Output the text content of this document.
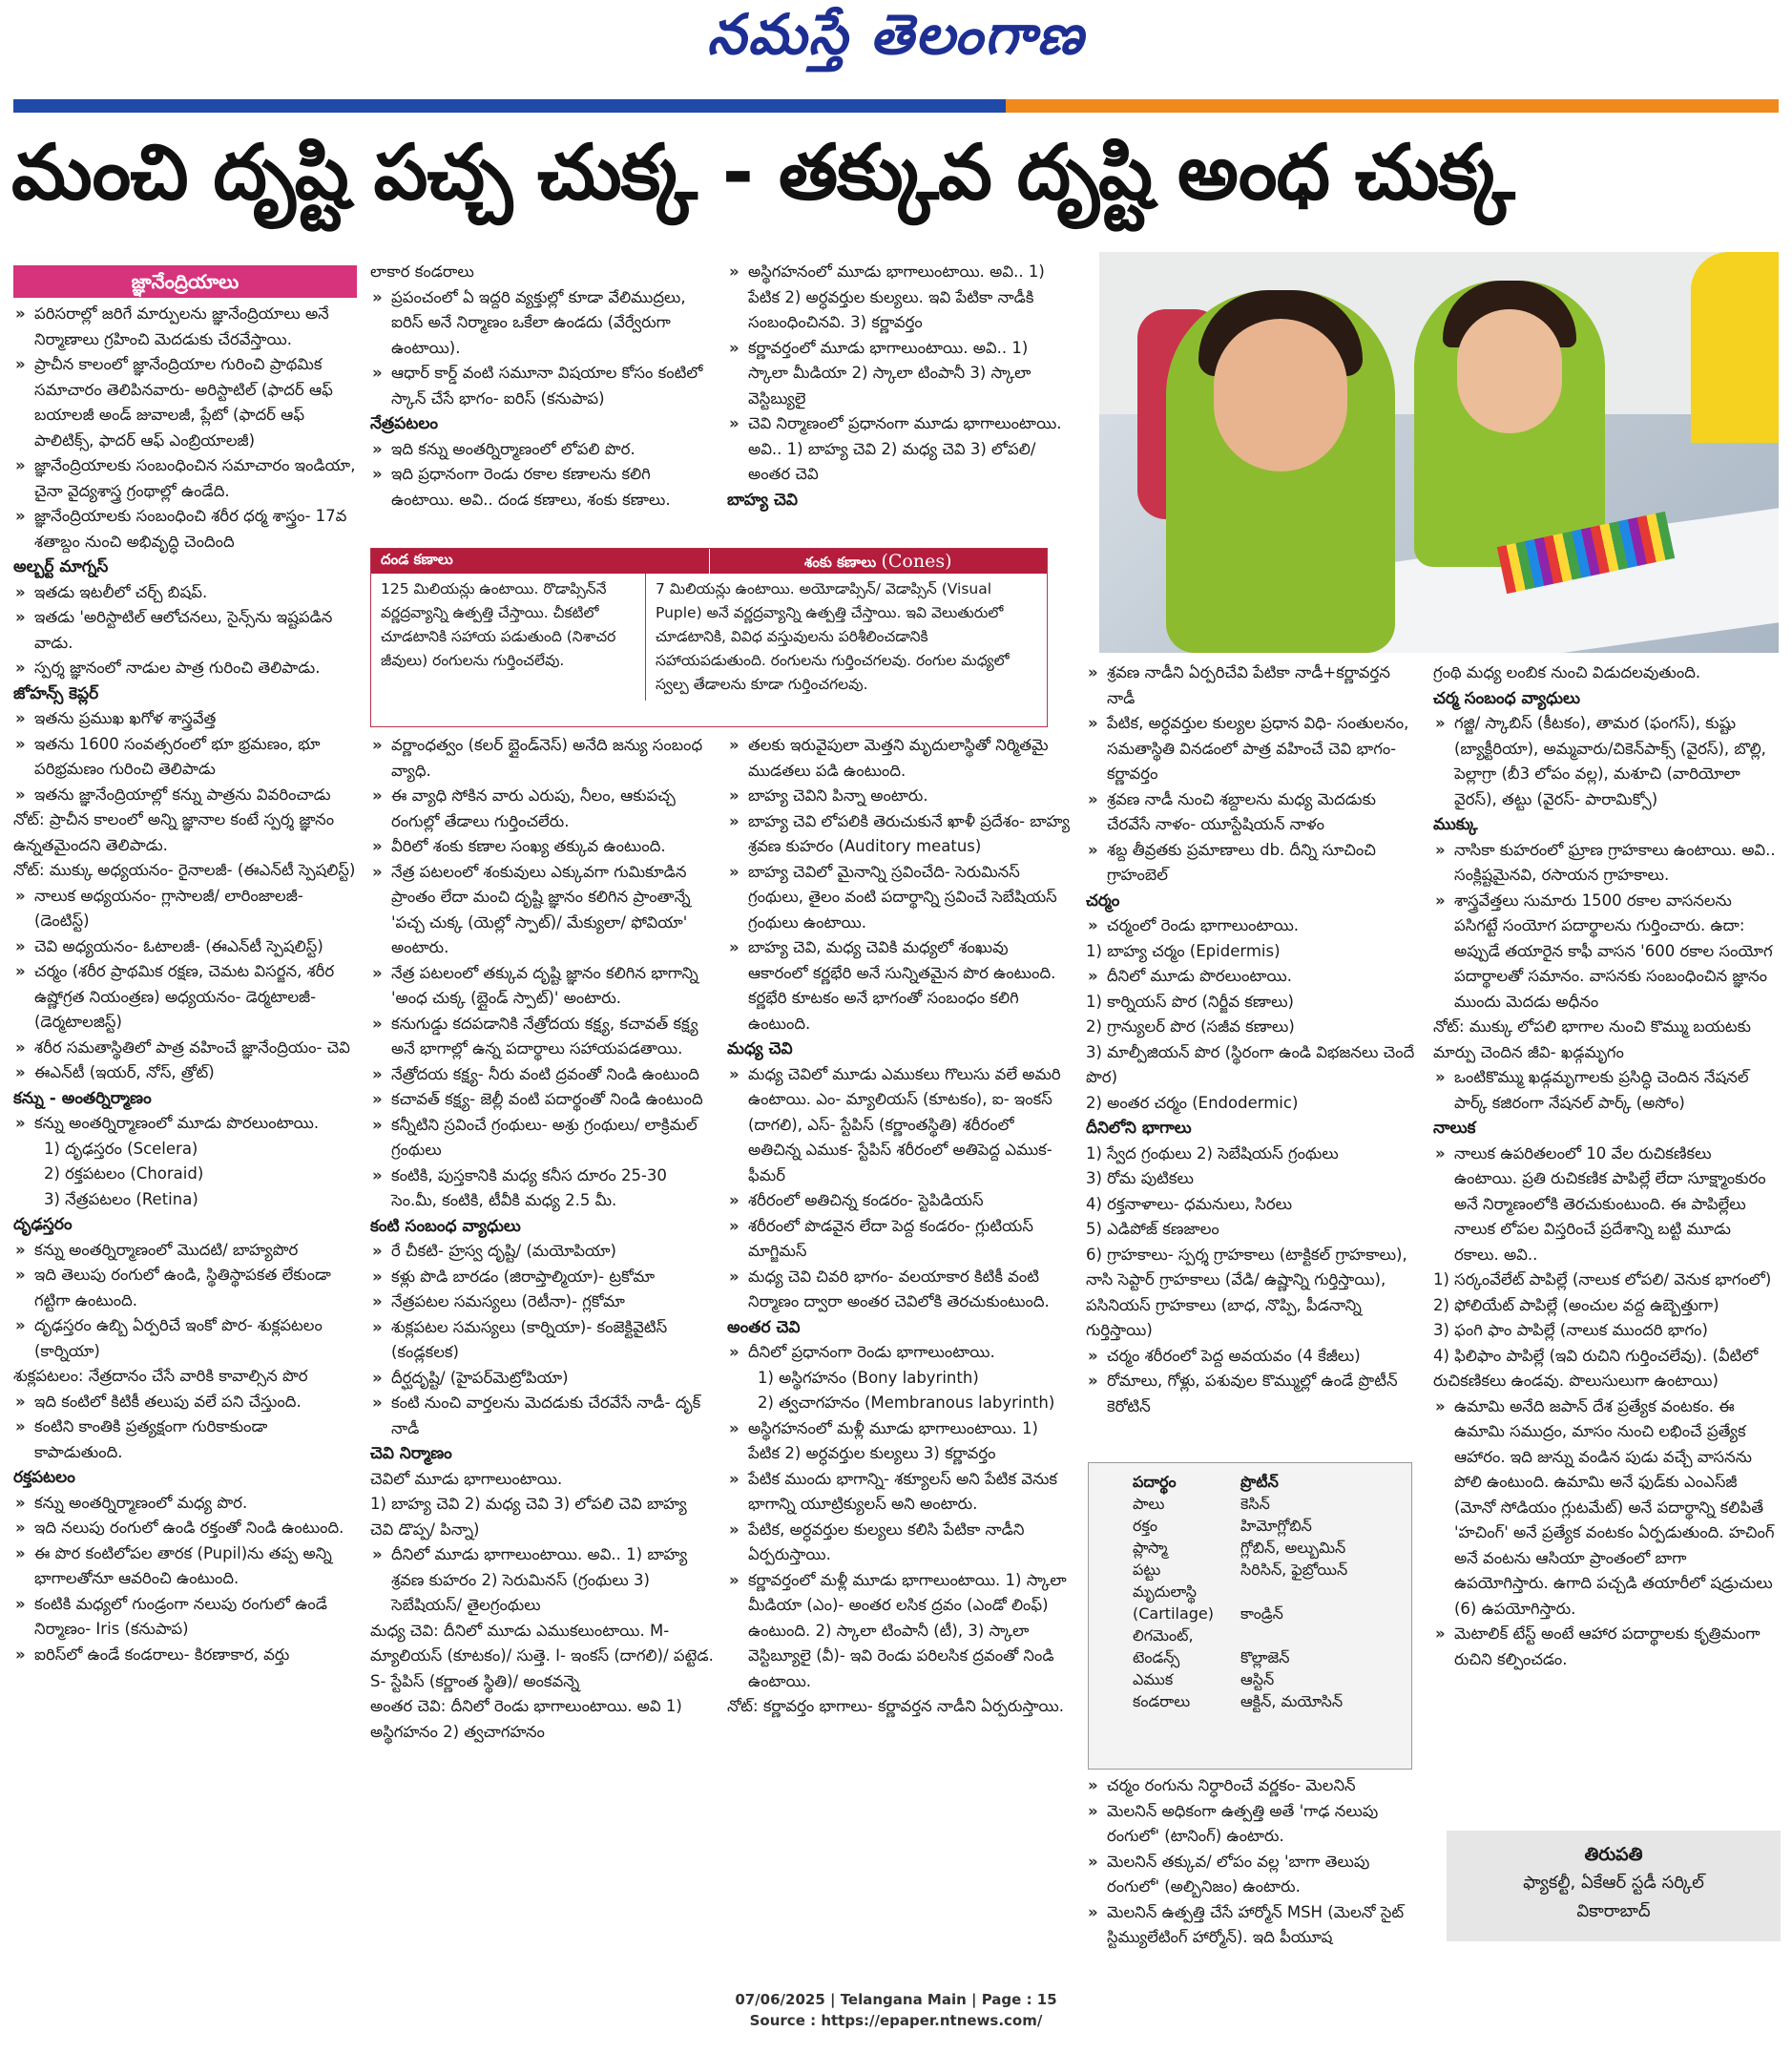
నమస్తే తెలంగాణ
మంచి దృష్టి పచ్చ చుక్క - తక్కువ దృష్టి అంధ చుక్క
జ్ఞానేంద్రియాలు
» పరిసరాల్లో జరిగే మార్పులను జ్ఞానేంద్రియాలు అనే నిర్మాణాలు గ్రహించి మెదడుకు చేరవేస్తాయి.
» ప్రాచీన కాలంలో జ్ఞానేంద్రియాల గురించి ప్రాథమిక సమాచారం తెలిపినవారు- అరిస్టాటిల్ (ఫాదర్ ఆఫ్ బయాలజీ అండ్ జువాలజీ, ప్లేటో (ఫాదర్ ఆఫ్ పాలిటిక్స్, ఫాదర్ ఆఫ్ ఎంబ్రియాలజీ)
» జ్ఞానేంద్రియాలకు సంబంధించిన సమాచారం ఇండియా, చైనా వైద్యశాస్త్ర గ్రంథాల్లో ఉండేది.
» జ్ఞానేంద్రియాలకు సంబంధించి శరీర ధర్మ శాస్త్రం- 17వ శతాబ్దం నుంచి అభివృద్ధి చెందింది
అల్బర్ట్ మాగ్నస్
» ఇతడు ఇటలీలో చర్చ్ బిషప్.
» ఇతడు 'అరిస్టాటిల్ ఆలోచనలు, సైన్స్‌ను ఇష్టపడిన వాడు.
» స్పర్శ జ్ఞానంలో నాడుల పాత్ర గురించి తెలిపాడు.
జోహన్స్ కెప్లర్
» ఇతను ప్రముఖ ఖగోళ శాస్త్రవేత్త
» ఇతను 1600 సంవత్సరంలో భూ భ్రమణం, భూ పరిభ్రమణం గురించి తెలిపాడు
» ఇతను జ్ఞానేంద్రియాల్లో కన్ను పాత్రను వివరించాడు
నోట్: ప్రాచీన కాలంలో అన్ని జ్ఞానాల కంటే స్పర్శ జ్ఞానం ఉన్నతమైందని తెలిపాడు.
నోట్: ముక్కు అధ్యయనం- రైనాలజీ- (ఈఎన్‌టీ స్పెషలిస్ట్)
» నాలుక అధ్యయనం- గ్లాసాలజీ/ లారింజాలజీ- (డెంటిస్ట్)
» చెవి అధ్యయనం- ఓటాలజీ- (ఈఎన్‌టీ స్పెషలిస్ట్)
» చర్మం (శరీర ప్రాథమిక రక్షణ, చెమట విసర్జన, శరీర ఉష్ణోగ్రత నియంత్రణ) అధ్యయనం- డెర్మటాలజీ- (డెర్మటాలజిస్ట్)
» శరీర సమతాస్థితిలో పాత్ర వహించే జ్ఞానేంద్రియం- చెవి
» ఈఎన్‌టీ (ఇయర్, నోస్, త్రోట్)
కన్ను - అంతర్నిర్మాణం
» కన్ను అంతర్నిర్మాణంలో మూడు పొరలుంటాయి.
1) దృఢస్తరం (Scelera)
2) రక్తపటలం (Choraid)
3) నేత్రపటలం (Retina)
దృఢస్తరం
» కన్ను అంతర్నిర్మాణంలో మొదటి/ బాహ్యపొర
» ఇది తెలుపు రంగులో ఉండి, స్థితిస్థాపకత లేకుండా గట్టిగా ఉంటుంది.
» దృఢస్తరం ఉబ్బి ఏర్పరిచే ఇంకో పొర- శుక్లపటలం (కార్నియా)
శుక్లపటలం: నేత్రదానం చేసే వారికి కావాల్సిన పొర
» ఇది కంటిలో కిటికీ తలుపు వలే పని చేస్తుంది.
» కంటిని కాంతికి ప్రత్యక్షంగా గురికాకుండా కాపాడుతుంది.
రక్తపటలం
» కన్ను అంతర్నిర్మాణంలో మధ్య పొర.
» ఇది నలుపు రంగులో ఉండి రక్తంతో నిండి ఉంటుంది.
» ఈ పొర కంటిలోపల తారక (Pupil)ను తప్ప అన్ని భాగాలతోనూ ఆవరించి ఉంటుంది.
» కంటికి మధ్యలో గుండ్రంగా నలుపు రంగులో ఉండే నిర్మాణం- Iris (కనుపాప)
» ఐరిస్‌లో ఉండే కండరాలు- కిరణాకార, వర్తు
లాకార కండరాలు
» ప్రపంచంలో ఏ ఇద్దరి వ్యక్తుల్లో కూడా వేలిముద్రలు, ఐరిస్ అనే నిర్మాణం ఒకేలా ఉండదు (వేర్వేరుగా ఉంటాయి).
» ఆధార్ కార్డ్ వంటి సమూనా విషయాల కోసం కంటిలో స్కాన్ చేసే భాగం- ఐరిస్ (కనుపాప)
నేత్రపటలం
» ఇది కన్ను అంతర్నిర్మాణంలో లోపలి పొర.
» ఇది ప్రధానంగా రెండు రకాల కణాలను కలిగి ఉంటాయి. అవి.. దండ కణాలు, శంకు కణాలు.
» అస్థిగహనంలో మూడు భాగాలుంటాయి. అవి.. 1) పేటిక 2) అర్ధవర్తుల కుల్యలు. ఇవి పేటికా నాడీకి సంబంధించినవి. 3) కర్ణావర్తం
» కర్ణావర్తంలో మూడు భాగాలుంటాయి. అవి.. 1) స్కాలా మీడియా 2) స్కాలా టింపానీ 3) స్కాలా వెస్టిబ్యులై
» చెవి నిర్మాణంలో ప్రధానంగా మూడు భాగాలుంటాయి. అవి.. 1) బాహ్య చెవి 2) మధ్య చెవి 3) లోపలి/ అంతర చెవి
బాహ్య చెవి
దండ కణాలు	శంకు కణాలు (Cones)
125 మిలియన్లు ఉంటాయి. రొడాప్సిన్‌నే వర్ణద్రవ్యాన్ని ఉత్పత్తి చేస్తాయి. చీకటిలో చూడటానికి సహాయ పడుతుంది (నిశాచర జీవులు) రంగులను గుర్తించలేవు.
7 మిలియన్లు ఉంటాయి. అయోడాప్సిన్/ వెడాప్సిన్ (Visual Puple) అనే వర్ణద్రవ్యాన్ని ఉత్పత్తి చేస్తాయి. ఇవి వెలుతురులో చూడటానికి, వివిధ వస్తువులను పరిశీలించడానికి సహాయపడుతుంది. రంగులను గుర్తించగలవు. రంగుల మధ్యలో స్వల్ప తేడాలను కూడా గుర్తించగలవు.
» వర్ణాంధత్వం (కలర్ బ్లైండ్‌నెస్) అనేది జన్యు సంబంధ వ్యాధి.
» ఈ వ్యాధి సోకిన వారు ఎరుపు, నీలం, ఆకుపచ్చ రంగుల్లో తేడాలు గుర్తించలేరు.
» వీరిలో శంకు కణాల సంఖ్య తక్కువ ఉంటుంది.
» నేత్ర పటలంలో శంకువులు ఎక్కువగా గుమికూడిన ప్రాంతం లేదా మంచి దృష్టి జ్ఞానం కలిగిన ప్రాంతాన్నే 'పచ్చ చుక్క (యెల్లో స్పాట్)/ మేక్యులా/ ఫోవియా' అంటారు.
» నేత్ర పటలంలో తక్కువ దృష్టి జ్ఞానం కలిగిన భాగాన్ని 'అంధ చుక్క (బ్లైండ్ స్పాట్)' అంటారు.
» కనుగుడ్డు కదపడానికి నేత్రోదయ కక్ష్య, కచావత్ కక్ష్య అనే భాగాల్లో ఉన్న పదార్థాలు సహాయపడతాయి.
» నేత్రోదయ కక్ష్య- నీరు వంటి ద్రవంతో నిండి ఉంటుంది
» కచావత్ కక్ష్య- జెల్లీ వంటి పదార్థంతో నిండి ఉంటుంది
» కన్నీటిని స్రవించే గ్రంథులు- అశ్రు గ్రంథులు/ లాక్రిమల్ గ్రంథులు
» కంటికి, పుస్తకానికి మధ్య కనీస దూరం 25-30 సెం.మీ, కంటికి, టీవీకి మధ్య 2.5 మీ.
కంటి సంబంధ వ్యాధులు
» రే చీకటి- హ్రస్వ దృష్టి/ (మయోపియా)
» కళ్లు పొడి బారడం (జిరాప్తాల్మియా)- ట్రకోమా
» నేత్రపటల సమస్యలు (రెటీనా)- గ్లకోమా
» శుక్లపటల సమస్యలు (కార్నియా)- కంజెక్టివైటిస్ (కండ్లకలక)
» దీర్ఘదృష్టి/ (హైపర్‌మెట్రోపియా)
» కంటి నుంచి వార్తలను మెదడుకు చేరవేసే నాడీ- దృక్ నాడీ
చెవి నిర్మాణం
చెవిలో మూడు భాగాలుంటాయి.
1) బాహ్య చెవి 2) మధ్య చెవి 3) లోపలి చెవి బాహ్య చెవి డొప్ప/ పిన్నా)
» దీనిలో మూడు భాగాలుంటాయి. అవి.. 1) బాహ్య శ్రవణ కుహరం 2) సెరుమినస్ (గ్రంథులు 3) సెబేషియస్/ తైలగ్రంథులు
మధ్య చెవి: దీనిలో మూడు ఎముకలుంటాయి. M- మ్యాలియస్ (కూటకం)/ సుత్తె. I- ఇంకస్ (దాగలి)/ పట్టెడ. S- స్టేపిస్ (కర్ణాంత స్థితి)/ అంకవన్నె
అంతర చెవి: దీనిలో రెండు భాగాలుంటాయి. అవి 1) అస్థిగహనం 2) త్వచాగహనం
» తలకు ఇరువైపులా మెత్తని మృదులాస్థితో నిర్మితమై ముడతలు పడి ఉంటుంది.
» బాహ్య చెవిని పిన్నా అంటారు.
» బాహ్య చెవి లోపలికి తెరుచుకునే ఖాళీ ప్రదేశం- బాహ్య శ్రవణ కుహరం (Auditory meatus)
» బాహ్య చెవిలో మైనాన్ని స్రవించేది- సెరుమినస్ గ్రంథులు, తైలం వంటి పదార్థాన్ని స్రవించే సెబేషియస్ గ్రంథులు ఉంటాయి.
» బాహ్య చెవి, మధ్య చెవికి మధ్యలో శంఖువు ఆకారంలో కర్ణభేరి అనే సున్నితమైన పొర ఉంటుంది. కర్ణభేరి కూటకం అనే భాగంతో సంబంధం కలిగి ఉంటుంది.
మధ్య చెవి
» మధ్య చెవిలో మూడు ఎముకలు గొలుసు వలే అమరి ఉంటాయి. ఎం- మ్యాలియస్ (కూటకం), ఐ- ఇంకస్ (దాగలి), ఎస్- స్టేపిస్ (కర్ణాంతస్థితి) శరీరంలో అతిచిన్న ఎముక- స్టేపిస్ శరీరంలో అతిపెద్ద ఎముక- ఫీమర్
» శరీరంలో అతిచిన్న కండరం- స్టెపిడియస్
» శరీరంలో పొడవైన లేదా పెద్ద కండరం- గ్లుటియస్ మాగ్జిమస్
» మధ్య చెవి చివరి భాగం- వలయాకార కిటికీ వంటి నిర్మాణం ద్వారా అంతర చెవిలోకి తెరచుకుంటుంది.
అంతర చెవి
» దీనిలో ప్రధానంగా రెండు భాగాలుంటాయి.
1) అస్థిగహనం (Bony labyrinth)
2) త్వచాగహనం (Membranous labyrinth)
» అస్థిగహనంలో మళ్లీ మూడు భాగాలుంటాయి. 1) పేటిక 2) అర్ధవర్తుల కుల్యలు 3) కర్ణావర్తం
» పేటిక ముందు భాగాన్ని- శక్యూలస్ అని పేటిక వెనుక భాగాన్ని యూట్రిక్యులస్ అని అంటారు.
» పేటిక, అర్ధవర్తుల కుల్యలు కలిసి పేటికా నాడీని ఏర్పరుస్తాయి.
» కర్ణావర్తంలో మళ్లీ మూడు భాగాలుంటాయి. 1) స్కాలా మీడియా (ఎం)- అంతర లసిక ద్రవం (ఎండో లింఫ్) ఉంటుంది. 2) స్కాలా టింపానీ (టీ), 3) స్కాలా వెస్టిబ్యూలై (వీ)- ఇవి రెండు పరిలసిక ద్రవంతో నిండి ఉంటాయి.
నోట్: కర్ణావర్తం భాగాలు- కర్ణావర్తన నాడీని ఏర్పరుస్తాయి.
» శ్రవణ నాడీని ఏర్పరిచేవి పేటికా నాడీ+కర్ణావర్తన నాడీ
» పేటిక, అర్ధవర్తుల కుల్యల ప్రధాన విధి- సంతులనం, సమతాస్థితి వినడంలో పాత్ర వహించే చెవి భాగం- కర్ణావర్తం
» శ్రవణ నాడీ నుంచి శబ్దాలను మధ్య మెదడుకు చేరవేసే నాళం- యూస్టేషియన్ నాళం
» శబ్ద తీవ్రతకు ప్రమాణాలు db. దీన్ని సూచించి గ్రాహంబెల్
చర్మం
» చర్మంలో రెండు భాగాలుంటాయి.
1) బాహ్య చర్మం (Epidermis)
» దీనిలో మూడు పొరలుంటాయి.
1) కార్నియస్ పొర (నిర్జీవ కణాలు)
2) గ్రాన్యులర్ పొర (సజీవ కణాలు)
3) మాల్పీజియన్ పొర (స్థిరంగా ఉండి విభజనలు చెందే పొర)
2) అంతర చర్మం (Endodermic)
దీనిలోని భాగాలు
1) స్వేద గ్రంథులు 2) సెబేషియస్ గ్రంథులు
3) రోమ పుటికలు
4) రక్తనాళాలు- ధమనులు, సిరలు
5) ఎడిపోజ్ కణజాలం
6) గ్రాహకాలు- స్పర్శ గ్రాహకాలు (టాక్టికల్ గ్రాహకాలు), నాసి సెప్టార్ గ్రాహకాలు (వేడి/ ఉష్ణాన్ని గుర్తిస్తాయి), పసినియస్ గ్రాహకాలు (బాధ, నొప్పి, పీడనాన్ని గుర్తిస్తాయి)
» చర్మం శరీరంలో పెద్ద అవయవం (4 కేజీలు)
» రోమాలు, గోళ్లు, పశువుల కొమ్ముల్లో ఉండే ప్రొటీన్ కెరోటిన్
పదార్థం	ప్రొటీన్
పాలు	కెసిన్
రక్తం	హిమోగ్లోబిన్
ప్లాస్మా	గ్లోబిన్, అల్బుమిన్
పట్టు	సిరిసిన్, ఫైబ్రోయిన్
మృదులాస్థి
(Cartilage)	కాండ్రిన్
లిగమెంట్,
టెండన్స్	కొల్లాజెన్
ఎముక	ఆస్టిన్
కండరాలు	ఆక్టిన్, మయోసిన్
» చర్మం రంగును నిర్ధారించే వర్ణకం- మెలనిన్
» మెలనిన్ అధికంగా ఉత్పత్తి అతే 'గాఢ నలుపు రంగులో' (టానింగ్) ఉంటారు.
» మెలనిన్ తక్కువ/ లోపం వల్ల 'బాగా తెలుపు రంగులో' (అల్బినిజం) ఉంటారు.
» మెలనిన్ ఉత్పత్తి చేసే హార్మోన్ MSH (మెలనో సైట్ స్టిమ్యులేటింగ్ హార్మోన్). ఇది పీయూష
గ్రంథి మధ్య లంబిక నుంచి విడుదలవుతుంది.
చర్మ సంబంధ వ్యాధులు
» గజ్జి/ స్కాబిస్ (కీటకం), తామర (ఫంగస్), కుష్టు (బ్యాక్టీరియా), అమ్మవారు/చికెన్‌పాక్స్ (వైరస్), బొల్లి, పెల్లాగ్రా (బీ3 లోపం వల్ల), మశూచి (వారియోలా వైరస్), తట్టు (వైరస్- పారామిక్సో)
ముక్కు
» నాసికా కుహరంలో ఘ్రాణ గ్రాహకాలు ఉంటాయి. అవి.. సంక్లిష్టమైనవి, రసాయన గ్రాహకాలు.
» శాస్త్రవేత్తలు సుమారు 1500 రకాల వాసనలను పసిగట్టే సంయోగ పదార్థాలను గుర్తించారు. ఉదా: అప్పుడే తయారైన కాఫీ వాసన '600 రకాల సంయోగ పదార్థాలతో సమానం. వాసనకు సంబంధించిన జ్ఞానం ముందు మెదడు అధీనం
నోట్: ముక్కు లోపలి భాగాల నుంచి కొమ్ము బయటకు మార్పు చెందిన జీవి- ఖడ్గమృగం
» ఒంటికొమ్ము ఖడ్గమృగాలకు ప్రసిద్ధి చెందిన నేషనల్ పార్క్ కజిరంగా నేషనల్ పార్క్ (అసోం)
నాలుక
» నాలుక ఉపరితలంలో 10 వేల రుచికణికలు ఉంటాయి. ప్రతి రుచికణిక పాపిల్లే లేదా సూక్ష్మాంకురం అనే నిర్మాణంలోకి తెరచుకుంటుంది. ఈ పాపిల్లేలు నాలుక లోపల విస్తరించే ప్రదేశాన్ని బట్టి మూడు రకాలు. అవి..
1) సర్కంవేలేట్ పాపిల్లే (నాలుక లోపలి/ వెనుక భాగంలో)
2) ఫోలియేట్ పాపిల్లే (అంచుల వద్ద ఉబ్బెత్తుగా)
3) ఫంగి ఫాం పాపిల్లే (నాలుక ముందరి భాగం)
4) ఫిలిఫాం పాపిల్లే (ఇవి రుచిని గుర్తించలేవు). (వీటిలో రుచికణికలు ఉండవు. పొలుసులుగా ఉంటాయి)
» ఉమామి అనేది జపాన్ దేశ ప్రత్యేక వంటకం. ఈ ఉమామి సముద్రం, మాసం నుంచి లభించే ప్రత్యేక ఆహారం. ఇది జున్ను వండిన పుడు వచ్చే వాసనను పోలి ఉంటుంది. ఉమామి అనే ఫుడ్‌కు ఎంఎస్‌జీ (మోనో సోడియం గ్లుటమేట్) అనే పదార్థాన్ని కలిపితే 'హచింగ్' అనే ప్రత్యేక వంటకం ఏర్పడుతుంది. హచింగ్ అనే వంటను ఆసియా ప్రాంతంలో బాగా ఉపయోగిస్తారు. ఉగాది పచ్చడి తయారీలో షడ్రుచులు (6) ఉపయోగిస్తారు.
» మెటాలిక్ టేస్ట్ అంటే ఆహార పదార్థాలకు కృత్రిమంగా రుచిని కల్పించడం.
తిరుపతి
ఫ్యాకల్టీ, ఏకేఆర్ స్టడీ సర్కిల్
వికారాబాద్
07/06/2025 | Telangana Main | Page : 15
Source : https://epaper.ntnews.com/
